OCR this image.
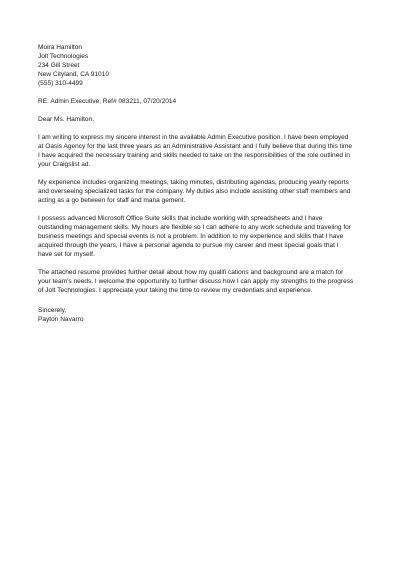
Moira Hamilton
Jolt Technologies
234 Gill Street
New Cityland, CA 91010
(555) 310-4499
RE: Admin Executive, Ref# 083211, 07/20/2014
Dear Ms. Hamilton,
I am writing to express my sincere interest in the available Admin Executive position. I have been employed
at Oasis Agency for the last three years as an Administrative Assistant and I fully believe that during this time
I have acquired the necessary training and skills needed to take on the responsibilities of the role outlined in
your Craigslist ad.
My experience includes organizing meetings, taking minutes, distributing agendas, producing yearly reports
and overseeing specialized tasks for the company. My duties also include assisting other staff members and
acting as a go between for staff and mana gement.
I possess advanced Microsoft Office Suite skills that include working with spreadsheets and I have
outstanding management skills. My hours are flexible so I can adhere to any work schedule and traveling for
business meetings and special events is not a problem. In addition to my experience and skills that I have
acquired through the years, I have a personal agenda to pursue my career and meet special goals that I
have set for myself.
The attached resume provides further detail about how my qualifi cations and background are a match for
your team's needs. I welcome the opportunity to further discuss how I can apply my strengths to the progress
of Jolt Technologies. I appreciate your taking the time to review my credentials and experience.
Sincerely,
Payton Navarro
